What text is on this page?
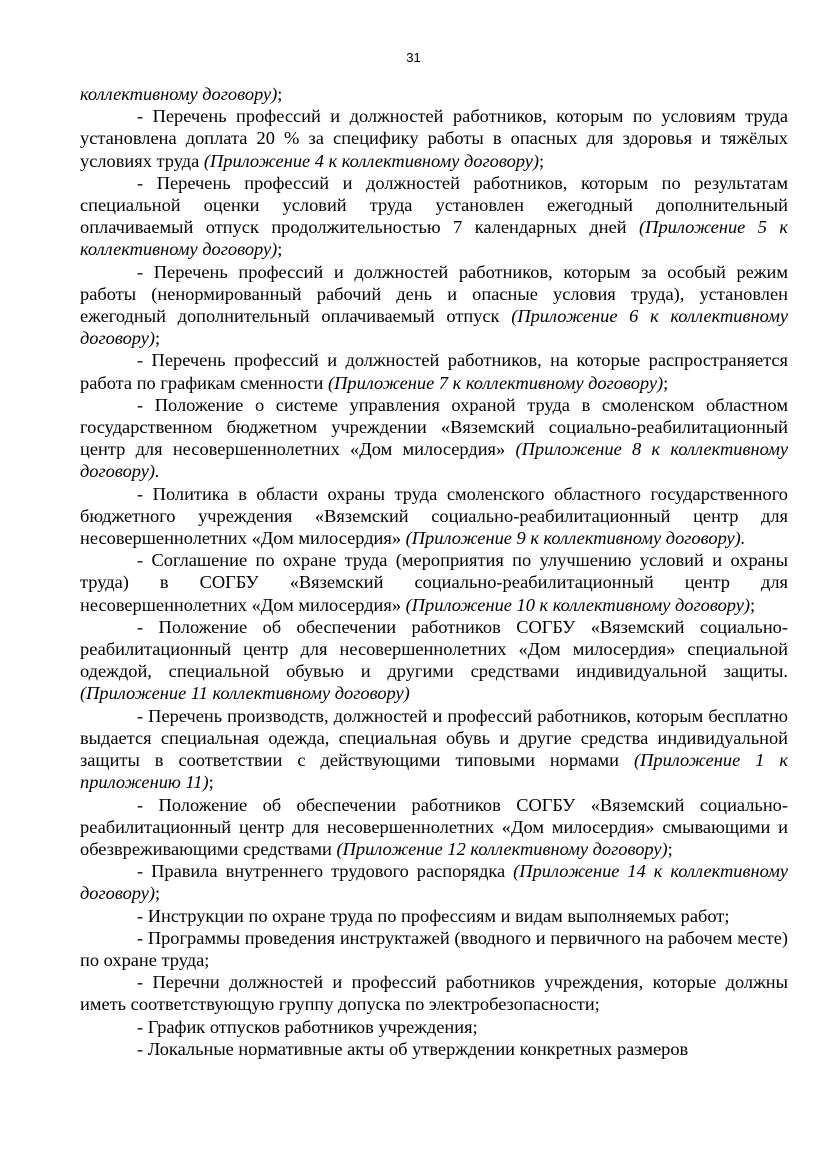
31

коллективному договору);

- Перечень профессий и должностей работников, которым по условиям труда установлена доплата 20 % за специфику работы в опасных для здоровья и тяжёлых условиях труда (Приложение 4 к коллективному договору);

- Перечень профессий и должностей работников, которым по результатам специальной оценки условий труда установлен ежегодный дополнительный оплачиваемый отпуск продолжительностью 7 календарных дней (Приложение 5 к коллективному договору);

- Перечень профессий и должностей работников, которым за особый режим работы (ненормированный рабочий день и опасные условия труда), установлен ежегодный дополнительный оплачиваемый отпуск (Приложение 6 к коллективному договору);

- Перечень профессий и должностей работников, на которые распространяется работа по графикам сменности (Приложение 7 к коллективному договору);

- Положение о системе управления охраной труда в смоленском областном государственном бюджетном учреждении «Вяземский социально-реабилитационный центр для несовершеннолетних «Дом милосердия» (Приложение 8 к коллективному договору).

- Политика в области охраны труда смоленского областного государственного бюджетного учреждения «Вяземский социально-реабилитационный центр для несовершеннолетних «Дом милосердия» (Приложение 9 к коллективному договору).

- Соглашение по охране труда (мероприятия по улучшению условий и охраны труда) в СОГБУ «Вяземский социально-реабилитационный центр для несовершеннолетних «Дом милосердия» (Приложение 10 к коллективному договору);

- Положение об обеспечении работников СОГБУ «Вяземский социально-реабилитационный центр для несовершеннолетних «Дом милосердия» специальной одеждой, специальной обувью и другими средствами индивидуальной защиты. (Приложение 11 коллективному договору)

- Перечень производств, должностей и профессий работников, которым бесплатно выдается специальная одежда, специальная обувь и другие средства индивидуальной защиты в соответствии с действующими типовыми нормами (Приложение 1 к приложению 11);

- Положение об обеспечении работников СОГБУ «Вяземский социально-реабилитационный центр для несовершеннолетних «Дом милосердия» смывающими и обезвреживающими средствами (Приложение 12 коллективному договору);

- Правила внутреннего трудового распорядка (Приложение 14 к коллективному договору);

- Инструкции по охране труда по профессиям и видам выполняемых работ;

- Программы проведения инструктажей (вводного и первичного на рабочем месте) по охране труда;

- Перечни должностей и профессий работников учреждения, которые должны иметь соответствующую группу допуска по электробезопасности;

- График отпусков работников учреждения;

- Локальные нормативные акты об утверждении конкретных размеров
